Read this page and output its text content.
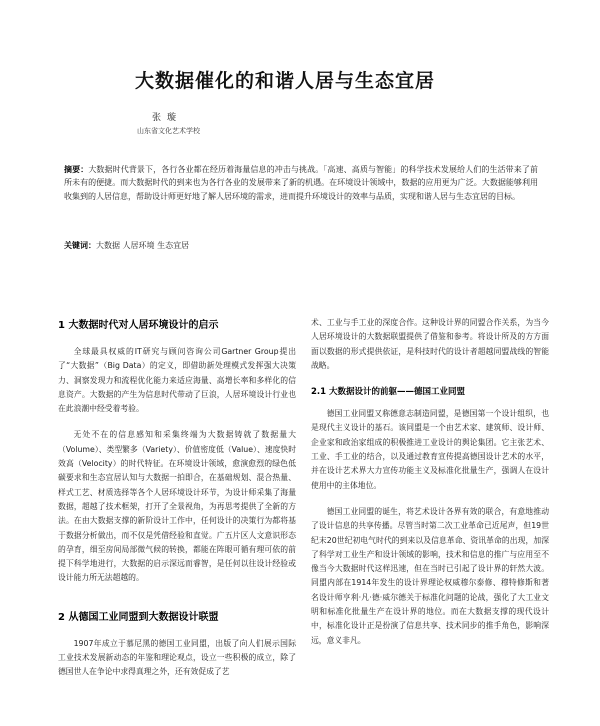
大数据催化的和谐人居与生态宜居
张璇
山东省文化艺术学校
摘要：大数据时代背景下，各行各业都在经历着海量信息的冲击与挑战。「高速、高质与智能」的科学技术发展给人们的生活带来了前所未有的便捷。而大数据时代的到来也为各行各业的发展带来了新的机遇。在环境设计领域中，数据的应用更为广泛。大数据能够利用收集到的人居信息，帮助设计师更好地了解人居环境的需求，进而提升环境设计的效率与品质，实现和谐人居与生态宜居的目标。
关键词：大数据 人居环境 生态宜居
1 大数据时代对人居环境设计的启示
全球最具权威的IT研究与顾问咨询公司Gartner Group提出了“大数据”（Big Data）的定义，即借助新处理模式发挥强大决策力、洞察发现力和流程优化能力来适应海量、高增长率和多样化的信息资产。大数据的产生为信息时代带动了巨浪，人居环境设计行业也在此浪潮中经受着考验。
无处不在的信息感知和采集终端为大数据铸就了数据量大（Volume）、类型繁多（Variety）、价值密度低（Value）、速度快时效高（Velocity）的时代特征。在环境设计领域，愈演愈烈的绿色低碳要求和生态宜居认知与大数据一拍即合，在基础规划、混合热量、样式工艺、材质选择等各个人居环境设计环节，为设计师采集了海量数据，超越了技术框架，打开了全景视角，为再思考提供了全新的方法。在由大数据支撑的新阶设计工作中，任何设计的决策行为都将基于数据分析做出，而不仅是凭借经验和直觉。广五片区人文意识形态的孕育，细至房间局部微气候的转换，都能在阵眼可循有理可依的前提下科学地进行，大数据的启示深远而睿智，是任何以往设计经验或设计能力所无法超越的。
2 从德国工业同盟到大数据设计联盟
1907年成立于慕尼黑的德国工业同盟，出版了向人们展示国际工业技术发展新动态的年鉴和理论观点，设立一些积极的成立，除了德国世人在争论中求得真理之外，还有效促成了艺
术、工业与手工业的深度合作。这种设计界的同盟合作关系，为当今人居环境设计的大数据联盟提供了借鉴和参考。将设计所及的方方面面以数据的形式提供依证，是科技时代的设计者超越同盟战线的智能战略。
2.1 大数据设计的前躯——德国工业同盟
德国工业同盟又称德意志制造同盟，是德国第一个设计组织，也是现代主义设计的基石。该同盟是一个由艺术家、建筑师、设计师、企业家和政治家组成的积极推进工业设计的舆论集团。它主张艺术、工业、手工业的结合，以及通过教育宣传提高德国设计艺术的水平，并在设计艺术界大力宣传功能主义及标准化批量生产，强调人在设计使用中的主体地位。
德国工业同盟的诞生，将艺术设计各界有效的联合，有意地推动了设计信息的共享传播。尽管当时第二次工业革命已近尾声，但19世纪末20世纪初电气时代的到来以及信息革命、资讯革命的出现，加深了科学对工业生产和设计领域的影响，技术和信息的推广与应用至不像当今大数据时代这样迅速，但在当时已引起了设计界的轩然大波。同盟内部在1914年发生的设计界理论权威穆尔泰修、穆特修斯和著名设计师亨利·凡·德·威尔德关于标准化问题的论战，强化了大工业文明和标准化批量生产在设计界的地位。而在大数据支撑的现代设计中，标准化设计正是扮演了信息共享、技术同步的推手角色，影响深远，意义非凡。
